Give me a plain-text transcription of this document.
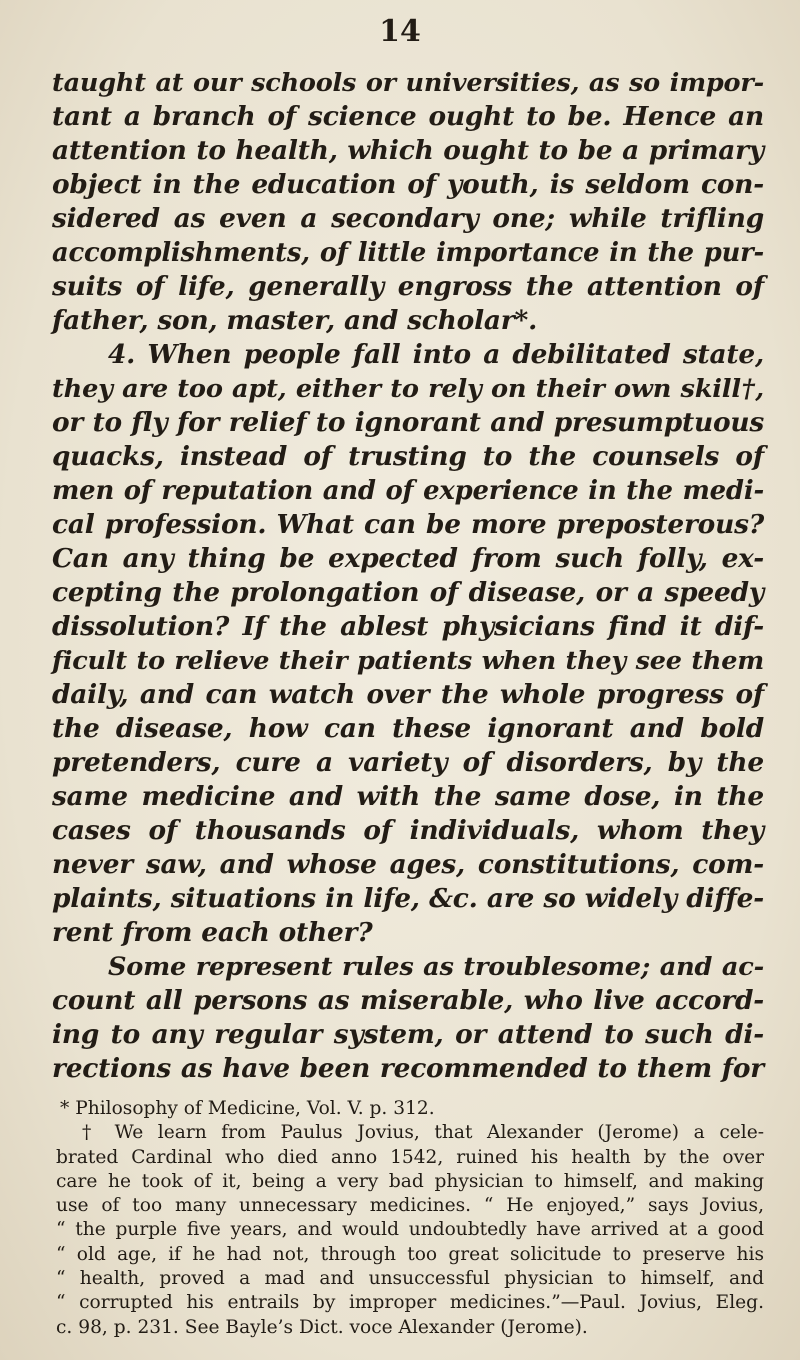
14
taught at our schools or universities, as so impor-
tant a branch of science ought to be. Hence an
attention to health, which ought to be a primary
object in the education of youth, is seldom con-
sidered as even a secondary one; while trifling
accomplishments, of little importance in the pur-
suits of life, generally engross the attention of
father, son, master, and scholar*.
4. When people fall into a debilitated state,
they are too apt, either to rely on their own skill†,
or to fly for relief to ignorant and presumptuous
quacks, instead of trusting to the counsels of
men of reputation and of experience in the medi-
cal profession. What can be more preposterous?
Can any thing be expected from such folly, ex-
cepting the prolongation of disease, or a speedy
dissolution? If the ablest physicians find it dif-
ficult to relieve their patients when they see them
daily, and can watch over the whole progress of
the disease, how can these ignorant and bold
pretenders, cure a variety of disorders, by the
same medicine and with the same dose, in the
cases of thousands of individuals, whom they
never saw, and whose ages, constitutions, com-
plaints, situations in life, &c. are so widely diffe-
rent from each other?
Some represent rules as troublesome; and ac-
count all persons as miserable, who live accord-
ing to any regular system, or attend to such di-
rections as have been recommended to them for
* Philosophy of Medicine, Vol. V. p. 312.
† We learn from Paulus Jovius, that Alexander (Jerome) a cele-
brated Cardinal who died anno 1542, ruined his health by the over
care he took of it, being a very bad physician to himself, and making
use of too many unnecessary medicines. “ He enjoyed,” says Jovius,
“ the purple five years, and would undoubtedly have arrived at a good
“ old age, if he had not, through too great solicitude to preserve his
“ health, proved a mad and unsuccessful physician to himself, and
“ corrupted his entrails by improper medicines.”—Paul. Jovius, Eleg.
c. 98, p. 231. See Bayle’s Dict. voce Alexander (Jerome).
